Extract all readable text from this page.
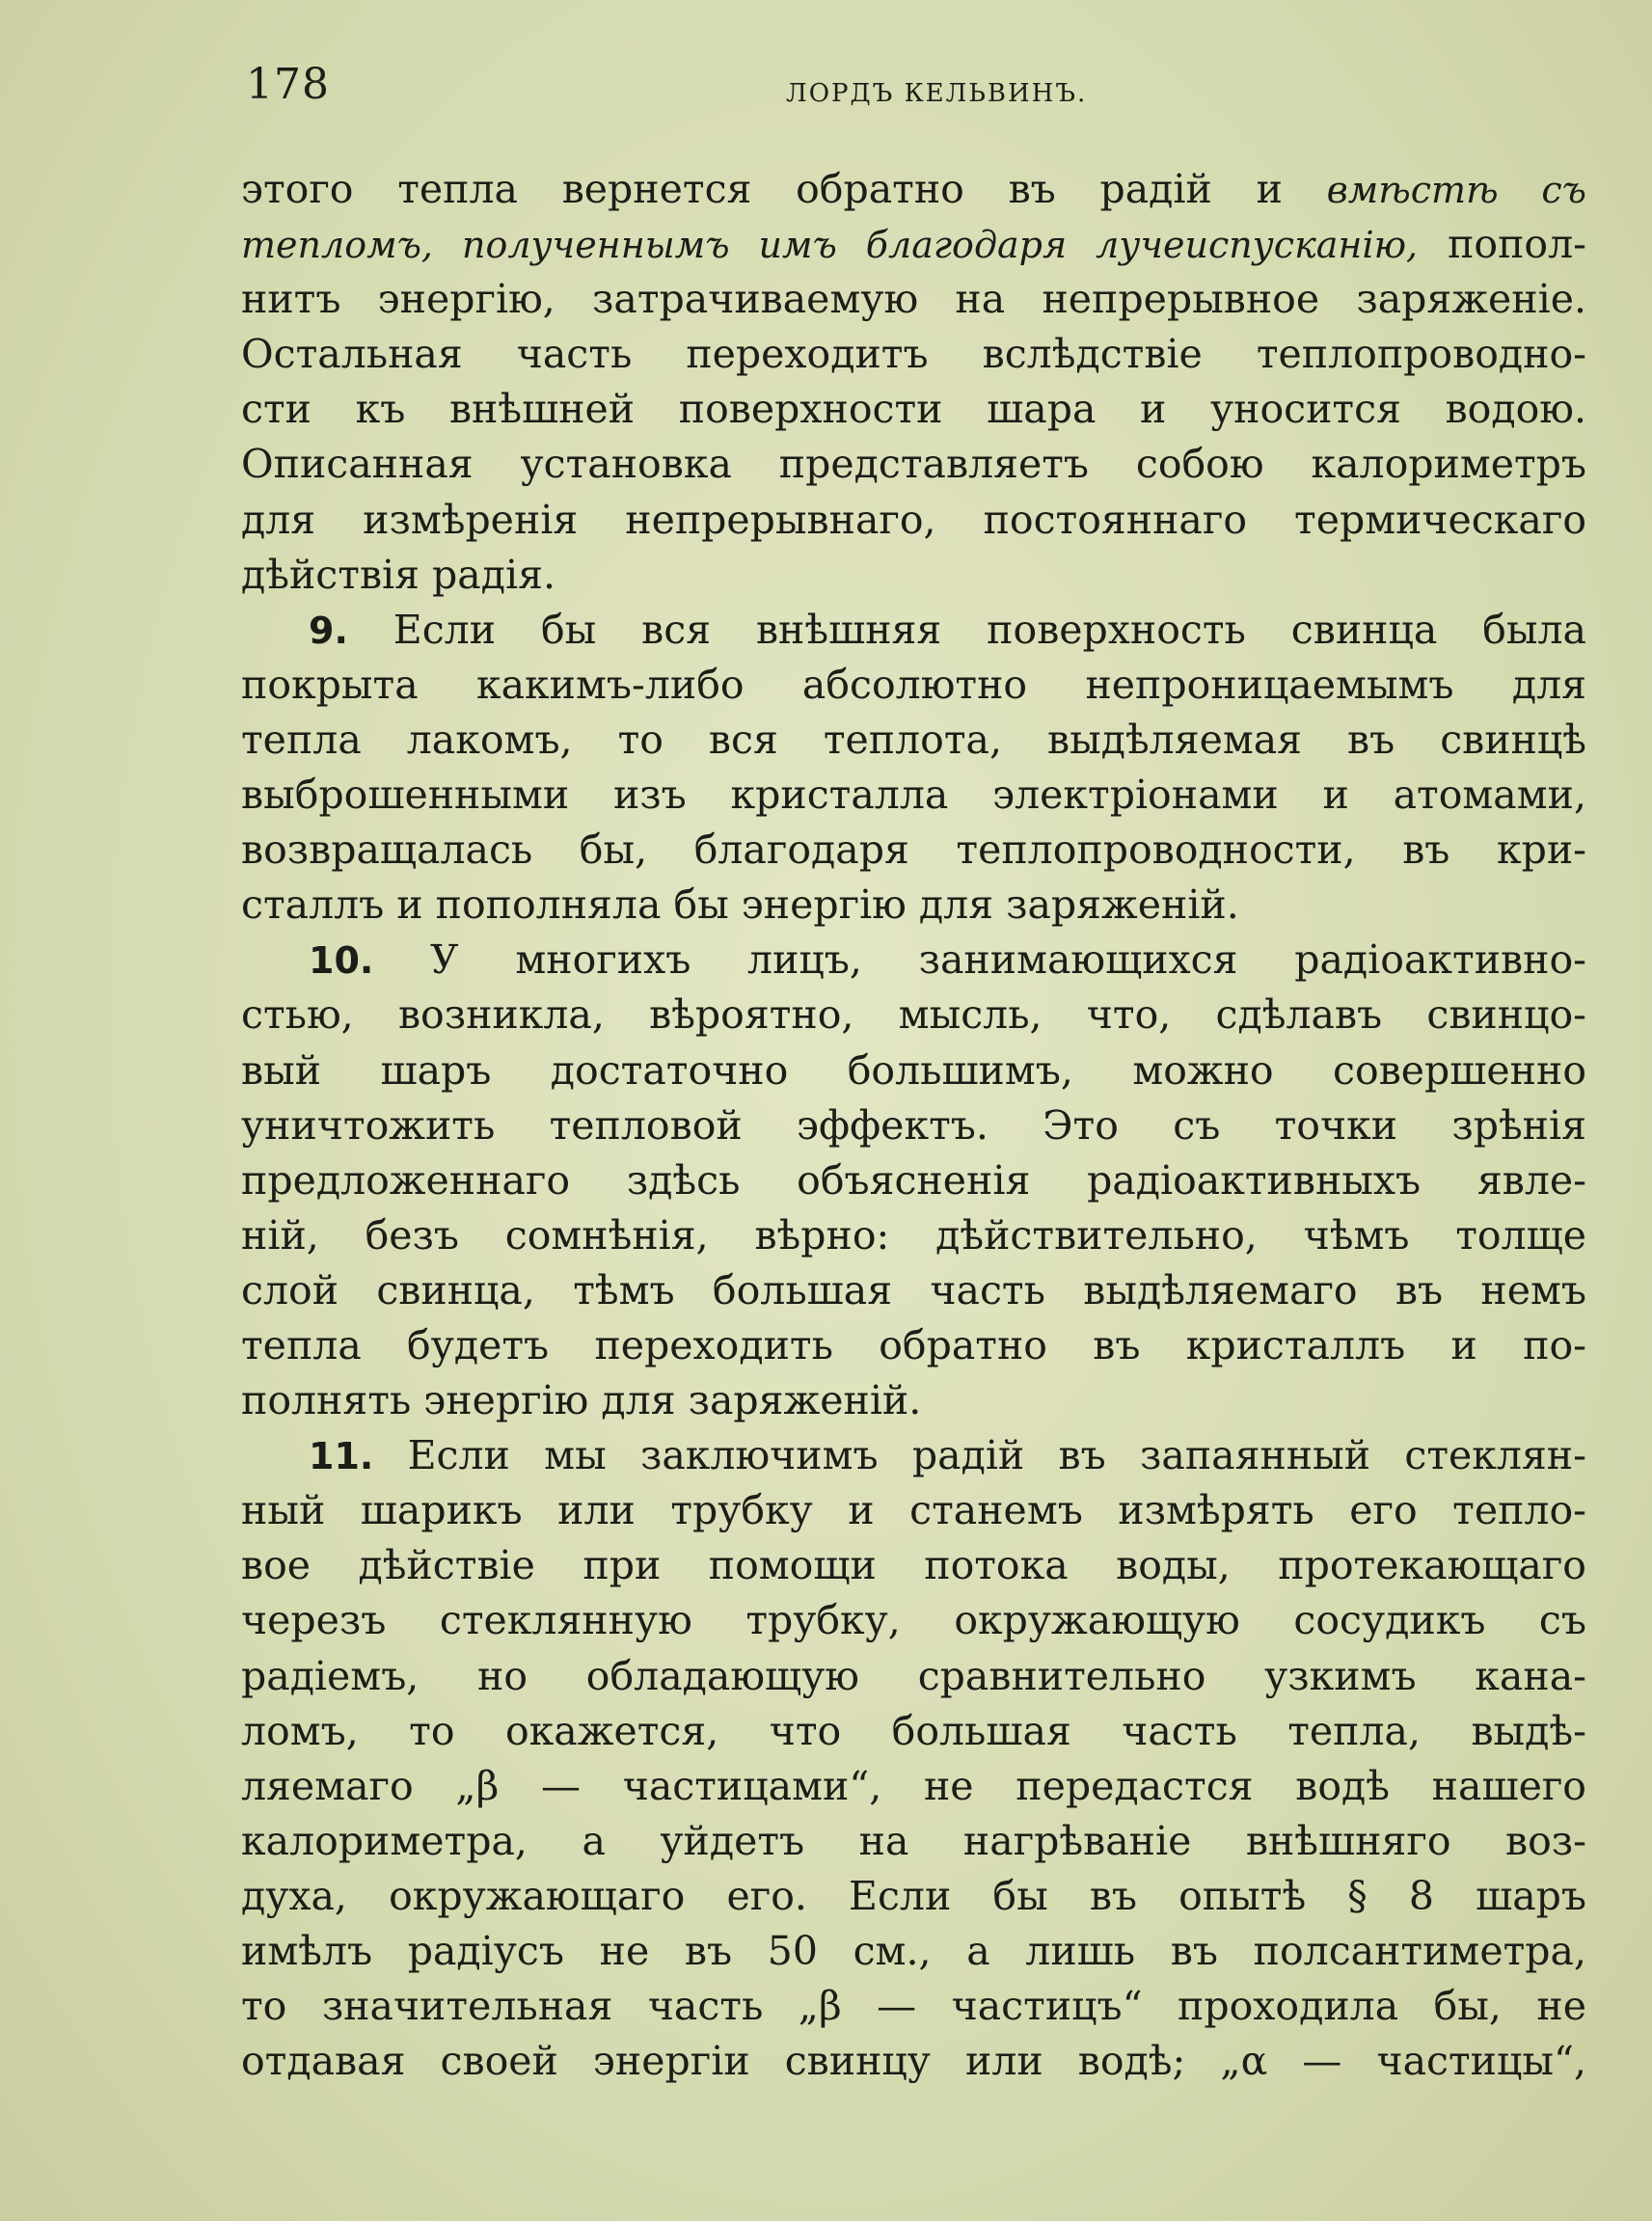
178	ЛОРДЪ КЕЛЬВИНЪ.
этого тепла вернется обратно въ радій и вмѣстѣ съ
тепломъ, полученнымъ имъ благодаря лучеиспусканію, попол-
нитъ энергію, затрачиваемую на непрерывное заряженіе.
Остальная часть переходитъ вслѣдствіе теплопроводно-
сти къ внѣшней поверхности шара и уносится водою.
Описанная установка представляетъ собою калориметръ
для измѣренія непрерывнаго, постояннаго термическаго
дѣйствія радія.
9. Если бы вся внѣшняя поверхность свинца была
покрыта какимъ-либо абсолютно непроницаемымъ для
тепла лакомъ, то вся теплота, выдѣляемая въ свинцѣ
выброшенными изъ кристалла электріонами и атомами,
возвращалась бы, благодаря теплопроводности, въ кри-
сталлъ и пополняла бы энергію для заряженій.
10. У многихъ лицъ, занимающихся радіоактивно-
стью, возникла, вѣроятно, мысль, что, сдѣлавъ свинцо-
вый шаръ достаточно большимъ, можно совершенно
уничтожить тепловой эффектъ. Это съ точки зрѣнія
предложеннаго здѣсь объясненія радіоактивныхъ явле-
ній, безъ сомнѣнія, вѣрно: дѣйствительно, чѣмъ толще
слой свинца, тѣмъ большая часть выдѣляемаго въ немъ
тепла будетъ переходить обратно въ кристаллъ и по-
полнять энергію для заряженій.
11. Если мы заключимъ радій въ запаянный стеклян-
ный шарикъ или трубку и станемъ измѣрять его тепло-
вое дѣйствіе при помощи потока воды, протекающаго
черезъ стеклянную трубку, окружающую сосудикъ съ
радіемъ, но обладающую сравнительно узкимъ кана-
ломъ, то окажется, что большая часть тепла, выдѣ-
ляемаго „β — частицами“, не передастся водѣ нашего
калориметра, а уйдетъ на нагрѣваніе внѣшняго воз-
духа, окружающаго его. Если бы въ опытѣ § 8 шаръ
имѣлъ радіусъ не въ 50 см., а лишь въ полсантиметра,
то значительная часть „β — частицъ“ проходила бы, не
отдавая своей энергіи свинцу или водѣ; „α — частицы“,
